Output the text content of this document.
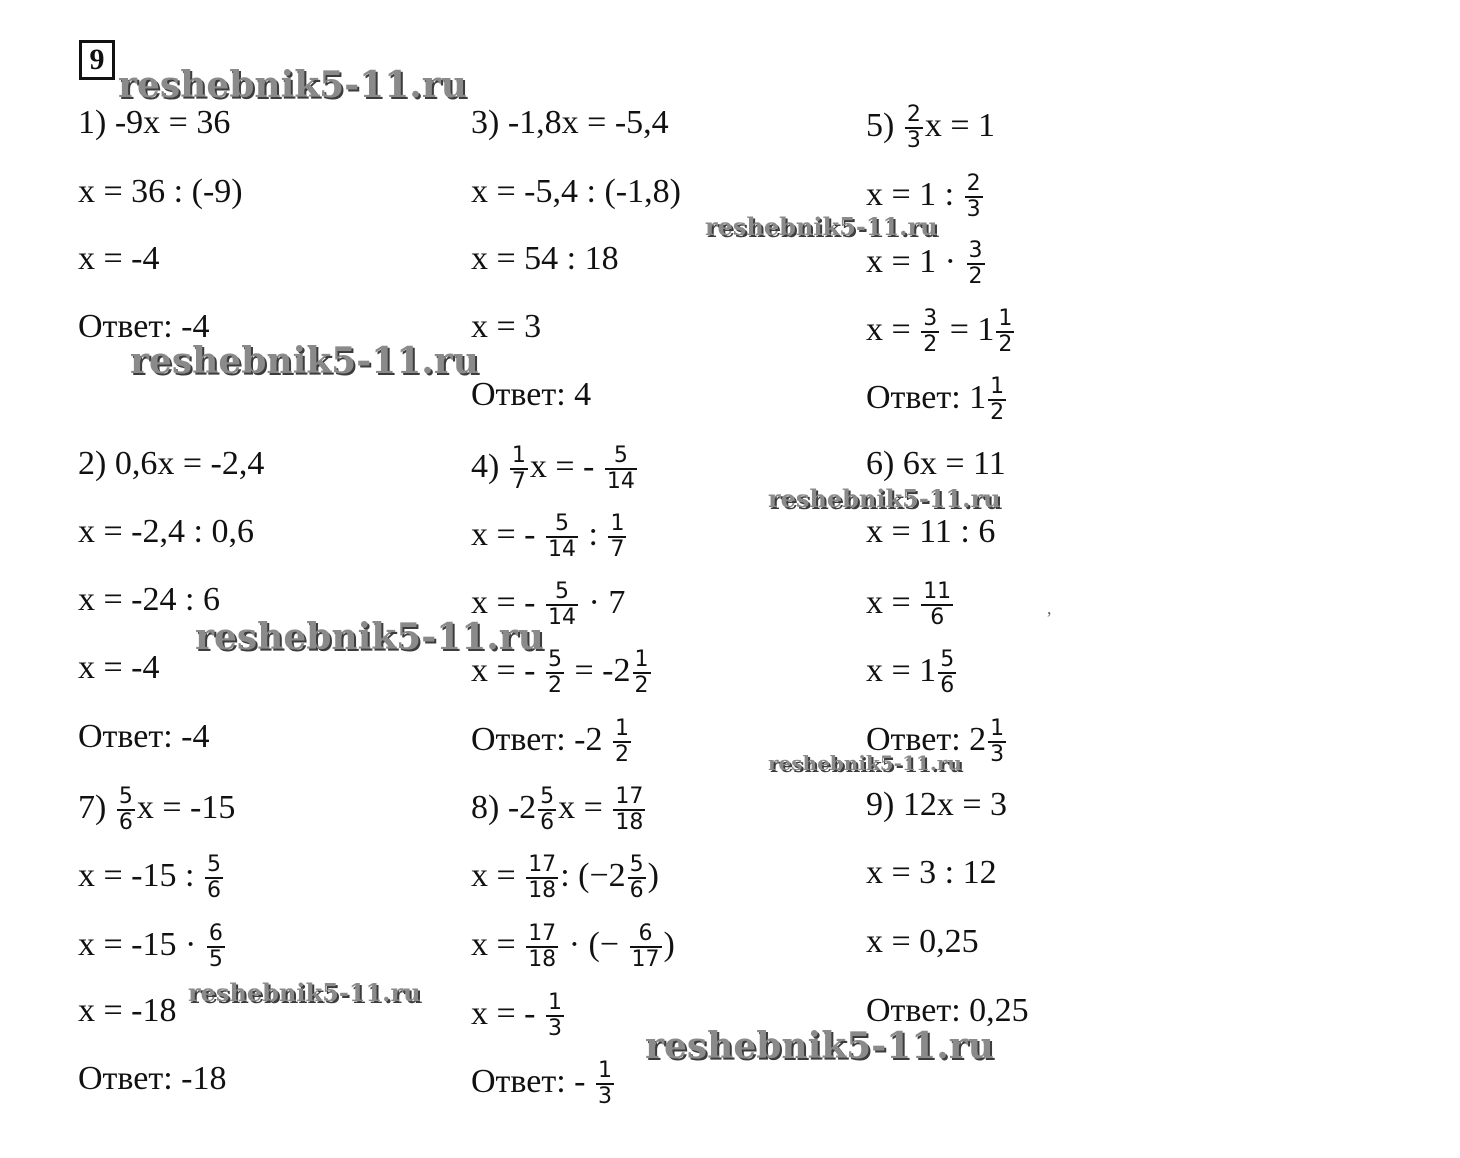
9
1) -9x = 36
x = 36 : (-9)
x = -4
Ответ: -4
2) 0,6x = -2,4
x = -2,4 : 0,6
x = -24 : 6
x = -4
Ответ: -4
$7) \frac{5}{6}$ x = -15
x = -15 : $\frac{5}{6}$
$x = -15 \cdot \frac{6}{5}$
x = -18
Ответ: -18
3) -1,8x = -5,4
x = -5,4 : (-1,8)
x = 54 : 18
x = 3
Ответ: 4
$4) \frac{1}{7}$ x = - $\frac{5}{14}$
x = - $\frac{5}{14}$ : $\frac{1}{7}$
x = - $\frac{5}{14} \cdot 7$
x = - $\frac{5}{2} = -2 \frac{1}{2}$
Ответ: $-2 \frac{1}{2}$
8) $-2 \frac{5}{6}$ $x = \frac{17}{18}$
$x = \frac{17}{18}$ : ($-2 \frac{5}{6}$ )
$x = \frac{17}{18}$ · (− $\frac{6}{17}$ )
x = - $\frac{1}{3}$
Ответ: - $\frac{1}{3}$
$5) \frac{2}{3}$ x = 1
x = 1 : $\frac{2}{3}$
$x = 1 \cdot \frac{3}{2}$
$x = \frac{3}{2} = 1 \frac{1}{2}$
Ответ: $1 \frac{1}{2}$
6) 6x = 11
x = 11 : 6
$x = \frac{11}{6}$
$x = 1 \frac{5}{6}$
Ответ: $2 \frac{1}{3}$
9) 12x = 3
x = 3 : 12
x = 0,25
Ответ: 0,25
reshebnik5-11.ru
reshebnik5-11.ru
reshebnik5-11.ru
reshebnik5-11.ru
reshebnik5-11.ru
reshebnik5-11.ru
reshebnik5-11.ru
reshebnik5-11.ru
,
